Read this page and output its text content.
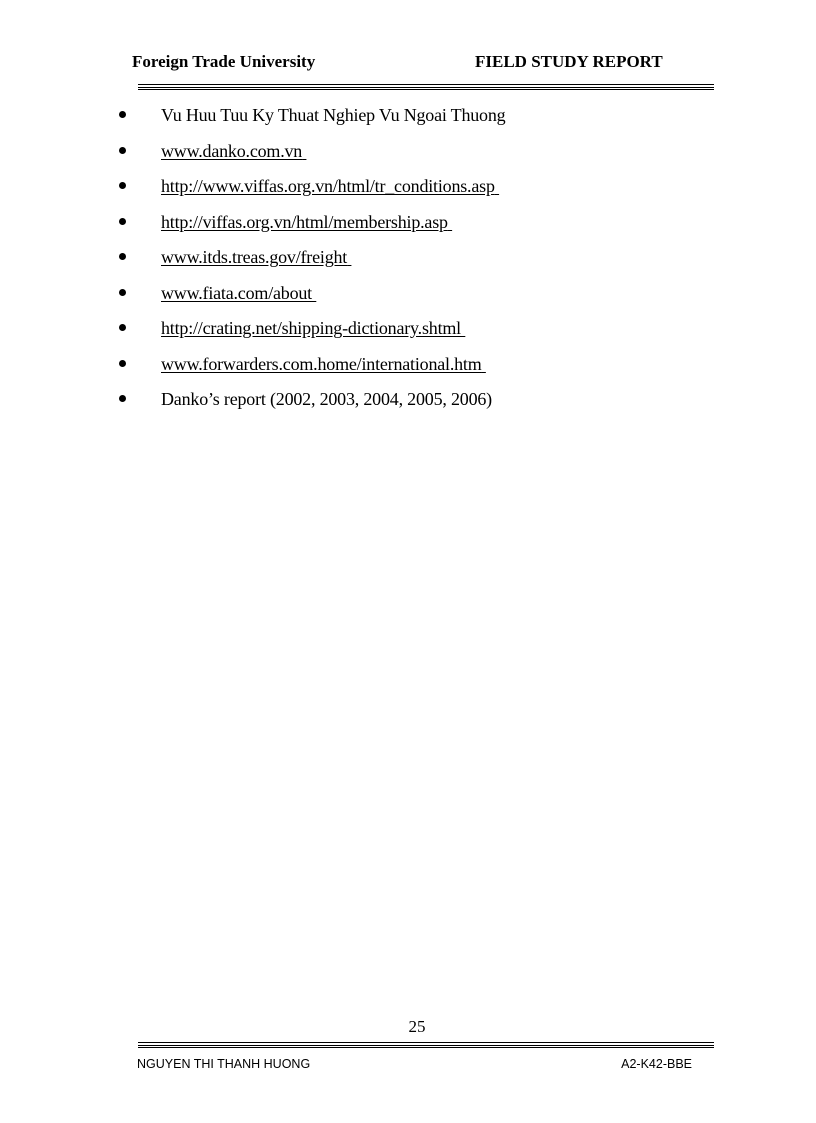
Foreign Trade University	FIELD STUDY REPORT
Vu Huu Tuu Ky Thuat Nghiep Vu Ngoai Thuong
www.danko.com.vn
http://www.viffas.org.vn/html/tr_conditions.asp
http://viffas.org.vn/html/membership.asp
www.itds.treas.gov/freight
www.fiata.com/about
http://crating.net/shipping-dictionary.shtml
www.forwarders.com.home/international.htm
Danko’s report (2002, 2003, 2004, 2005, 2006)
25
NGUYEN THI THANH HUONG	A2-K42-BBE
